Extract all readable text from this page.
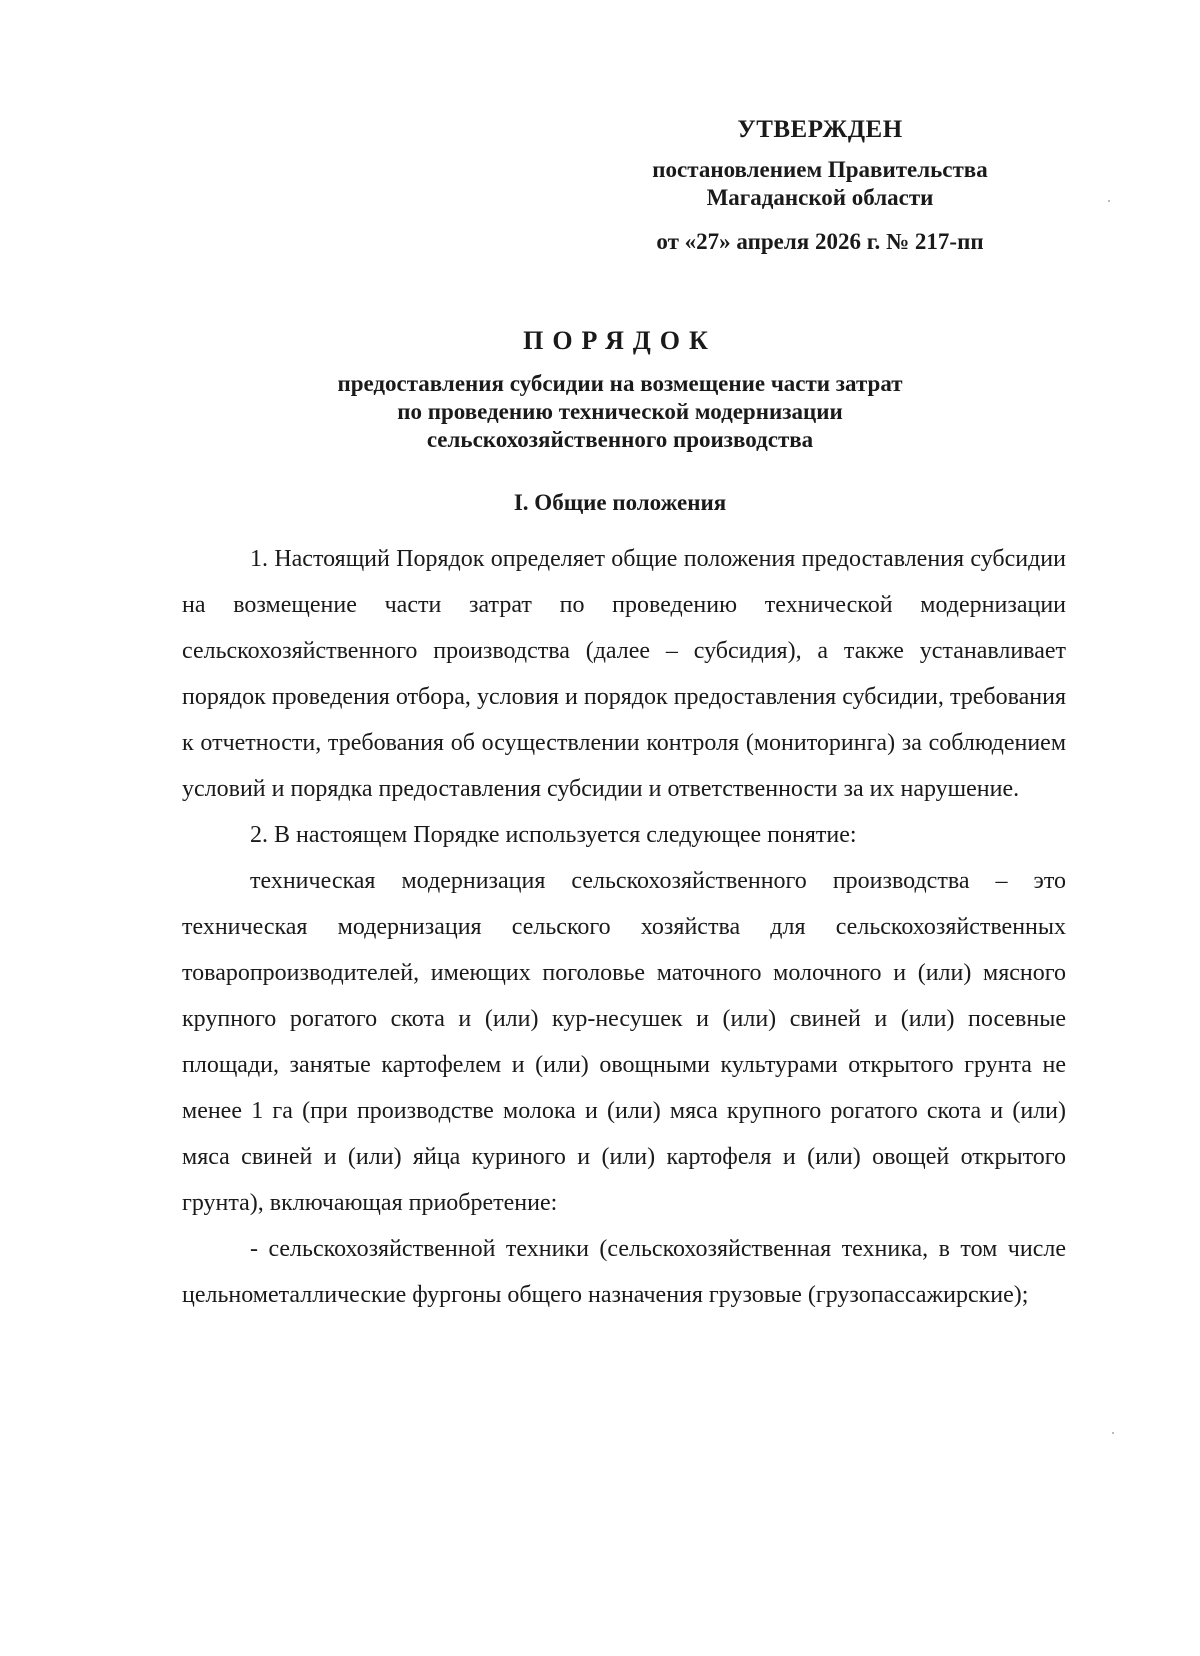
УТВЕРЖДЕН
постановлением Правительства
Магаданской области
от «27» апреля 2026 г. № 217-пп
ПОРЯДОК
предоставления субсидии на возмещение части затрат
по проведению технической модернизации
сельскохозяйственного производства
I. Общие положения

1. Настоящий Порядок определяет общие положения предоставления субсидии на возмещение части затрат по проведению технической модернизации сельскохозяйственного производства (далее – субсидия), а также устанавливает порядок проведения отбора, условия и порядок предоставления субсидии, требования к отчетности, требования об осуществлении контроля (мониторинга) за соблюдением условий и порядка предоставления субсидии и ответственности за их нарушение.

2. В настоящем Порядке используется следующее понятие:

техническая модернизация сельскохозяйственного производства – это техническая модернизация сельского хозяйства для сельскохозяйственных товаропроизводителей, имеющих поголовье маточного молочного и (или) мясного крупного рогатого скота и (или) кур-несушек и (или) свиней и (или) посевные площади, занятые картофелем и (или) овощными культурами открытого грунта не менее 1 га (при производстве молока и (или) мяса крупного рогатого скота и (или) мяса свиней и (или) яйца куриного и (или) картофеля и (или) овощей открытого грунта), включающая приобретение:

- сельскохозяйственной техники (сельскохозяйственная техника, в том числе цельнометаллические фургоны общего назначения грузовые (грузопассажирские);
